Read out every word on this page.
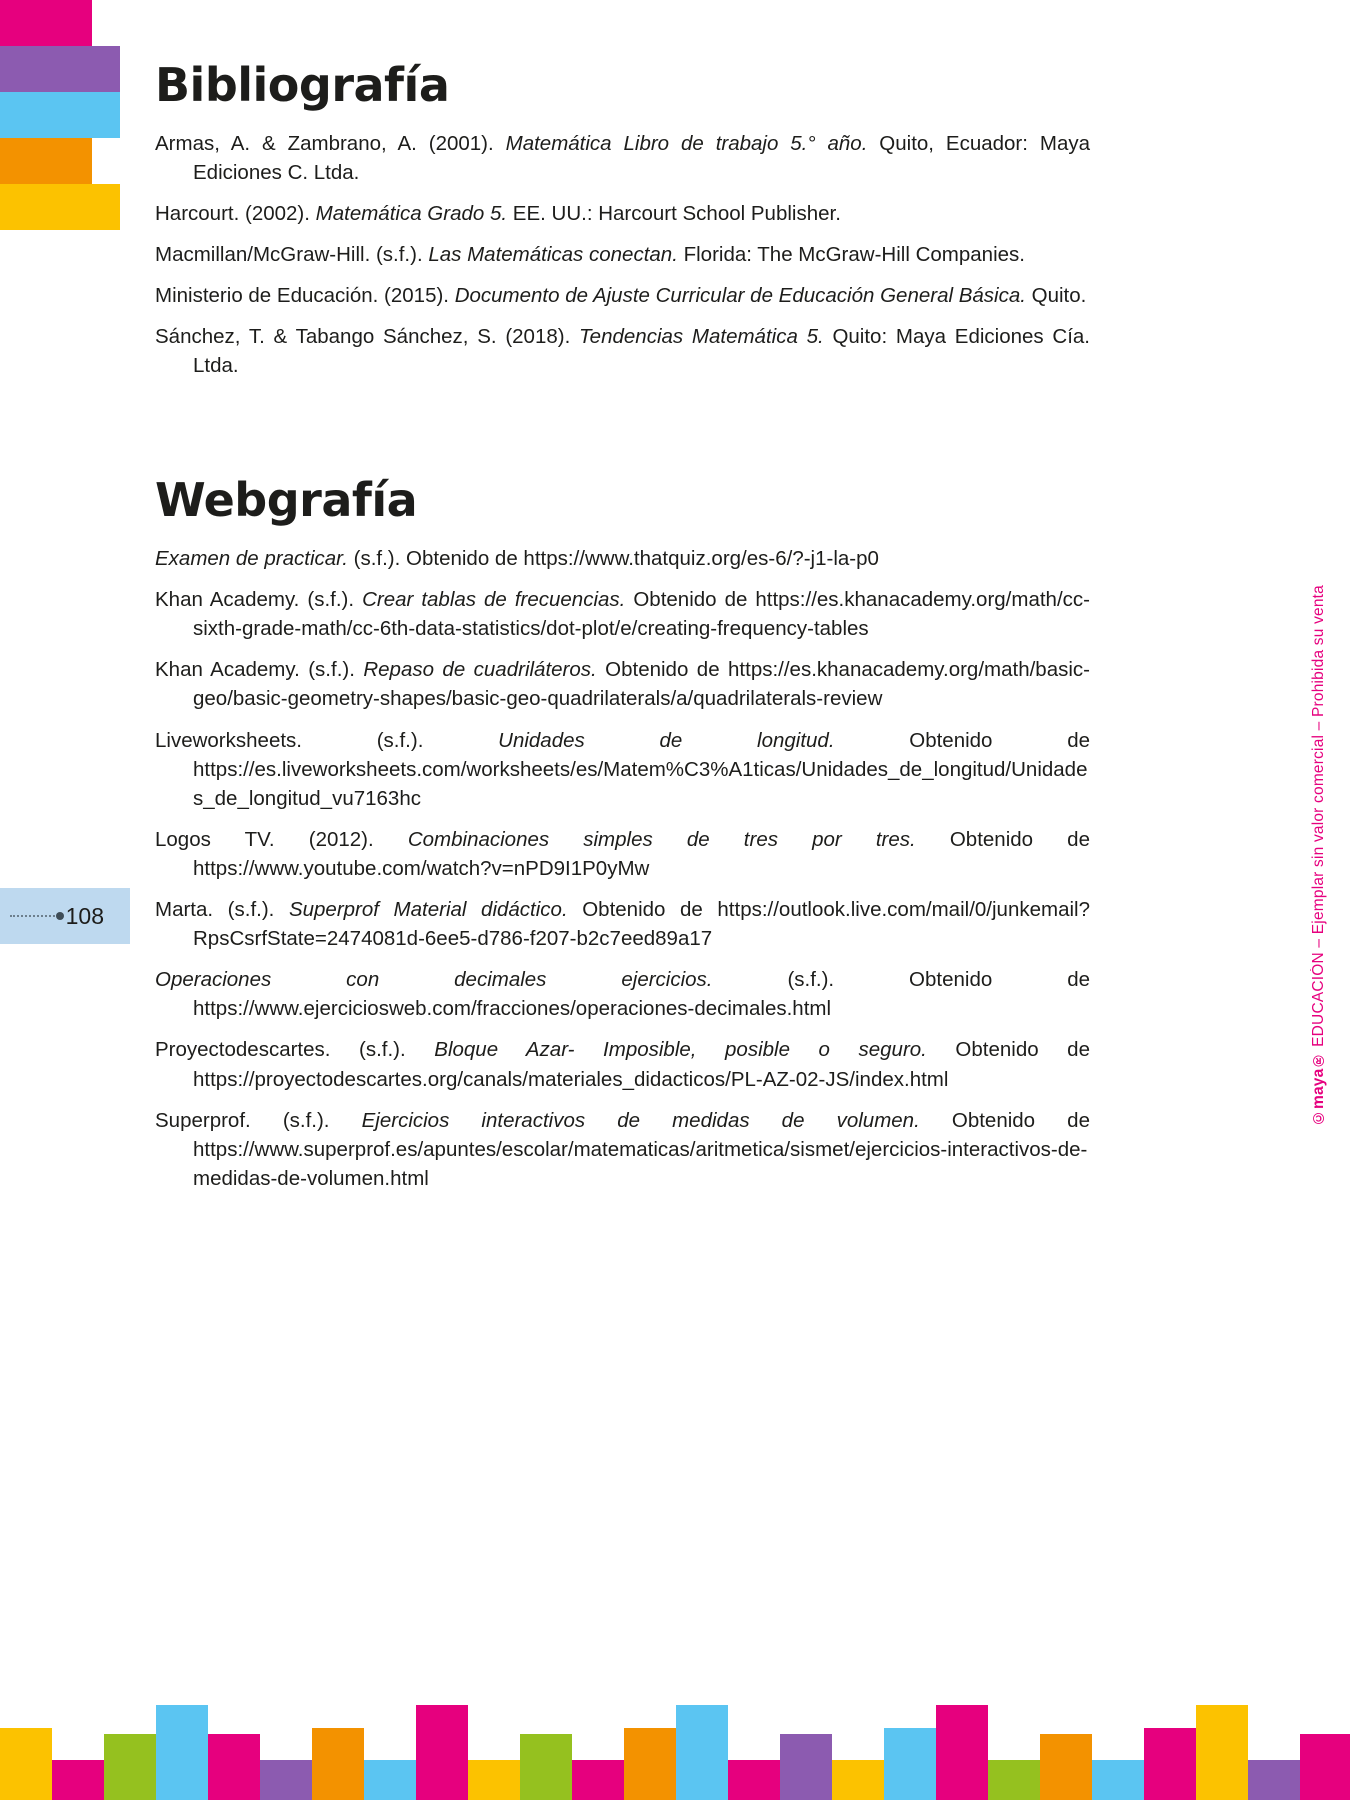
Bibliografía
Armas, A. & Zambrano, A. (2001). Matemática Libro de trabajo 5.° año. Quito, Ecuador: Maya Ediciones C. Ltda.
Harcourt. (2002). Matemática Grado 5. EE. UU.: Harcourt School Publisher.
Macmillan/McGraw-Hill. (s.f.). Las Matemáticas conectan. Florida: The McGraw-Hill Companies.
Ministerio de Educación. (2015). Documento de Ajuste Curricular de Educación General Básica. Quito.
Sánchez, T. & Tabango Sánchez, S. (2018). Tendencias Matemática 5. Quito: Maya Ediciones Cía. Ltda.
Webgrafía
Examen de practicar. (s.f.). Obtenido de https://www.thatquiz.org/es-6/?-j1-la-p0
Khan Academy. (s.f.). Crear tablas de frecuencias. Obtenido de https://es.khanacademy.org/math/cc-sixth-grade-math/cc-6th-data-statistics/dot-plot/e/creating-frequency-tables
Khan Academy. (s.f.). Repaso de cuadriláteros. Obtenido de https://es.khanacademy.org/math/basic-geo/basic-geometry-shapes/basic-geo-quadrilaterals/a/quadrilaterals-review
Liveworksheets. (s.f.). Unidades de longitud. Obtenido de https://es.liveworksheets.com/worksheets/es/Matem%C3%A1ticas/Unidades_de_longitud/Unidades_de_longitud_vu7163hc
Logos TV. (2012). Combinaciones simples de tres por tres. Obtenido de https://www.youtube.com/watch?v=nPD9I1P0yMw
Marta. (s.f.). Superprof Material didáctico. Obtenido de https://outlook.live.com/mail/0/junkemail?RpsCsrfState=2474081d-6ee5-d786-f207-b2c7eed89a17
Operaciones con decimales ejercicios. (s.f.). Obtenido de https://www.ejerciciosweb.com/fracciones/operaciones-decimales.html
Proyectodescartes. (s.f.). Bloque Azar- Imposible, posible o seguro. Obtenido de https://proyectodescartes.org/canals/materiales_didacticos/PL-AZ-02-JS/index.html
Superprof. (s.f.). Ejercicios interactivos de medidas de volumen. Obtenido de https://www.superprof.es/apuntes/escolar/matematicas/aritmetica/sismet/ejercicios-interactivos-de-medidas-de-volumen.html
108
©maya® EDUCACIÓN – Ejemplar sin valor comercial – Prohibida su venta
